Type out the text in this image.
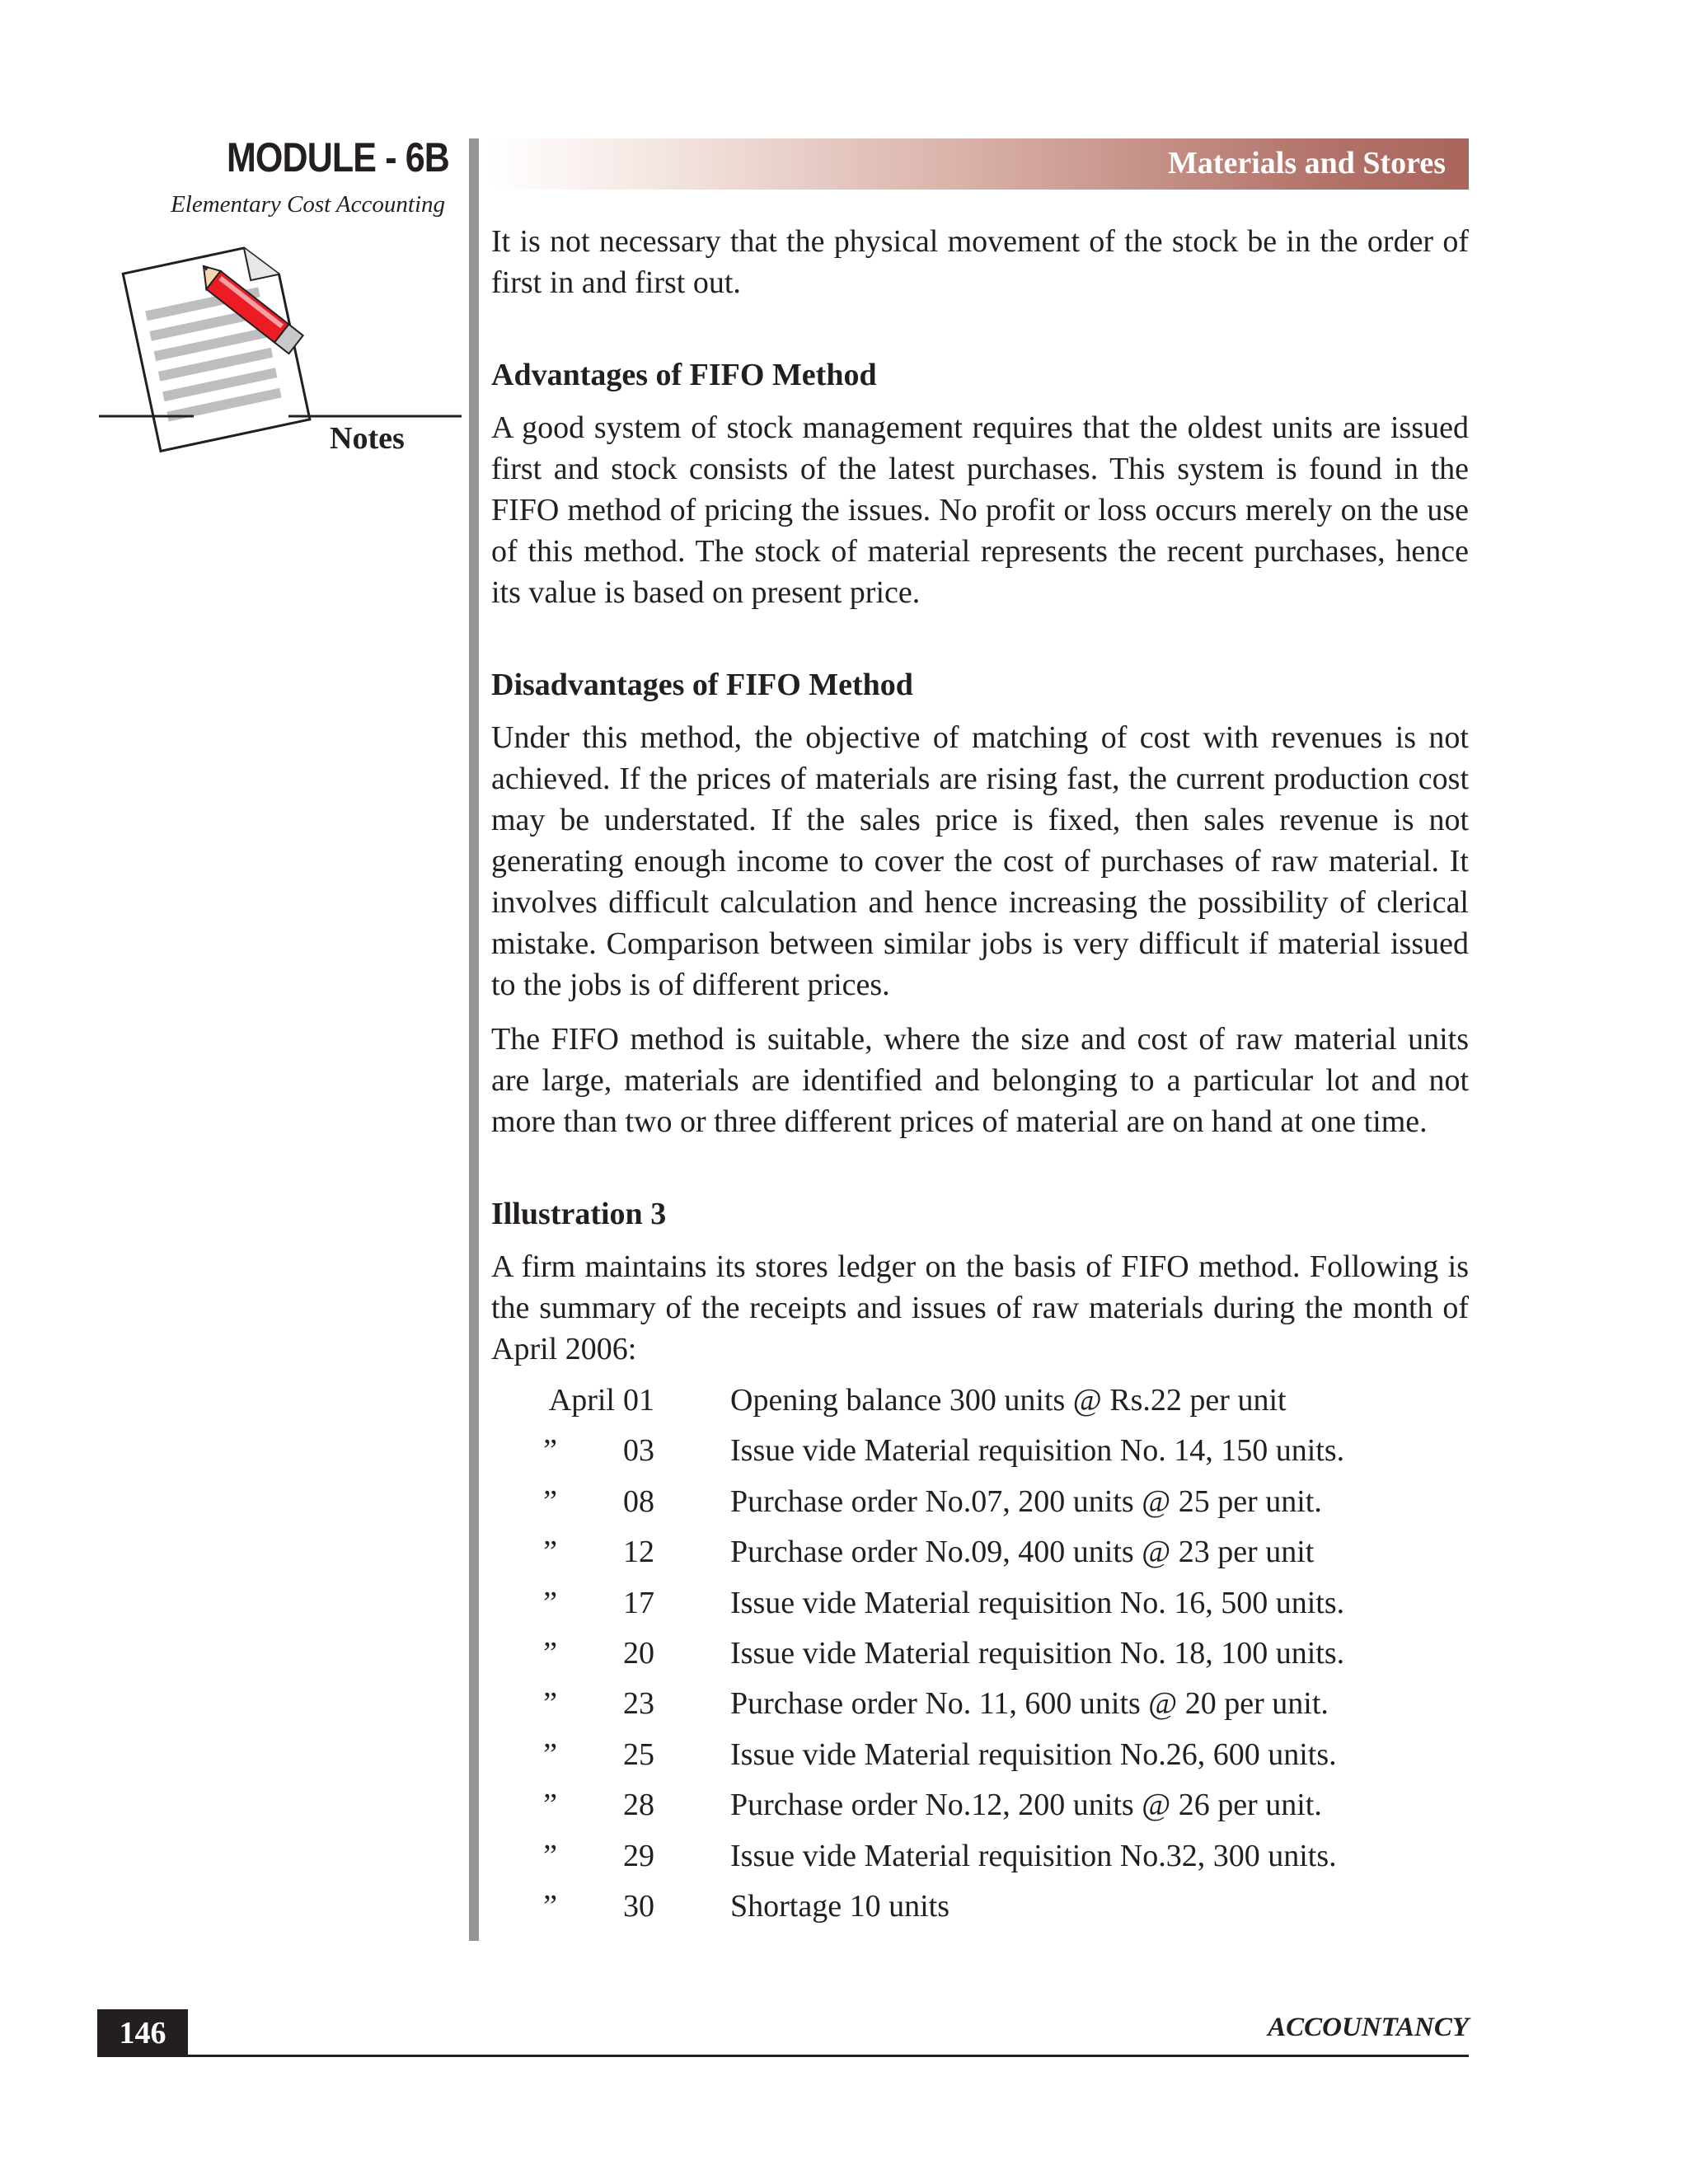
MODULE - 6B
Elementary Cost Accounting
Notes
Materials and Stores

It is not necessary that the physical movement of the stock be in the order of first in and first out.

Advantages of FIFO Method

A good system of stock management requires that the oldest units are issued first and stock consists of the latest purchases. This system is found in the FIFO method of pricing the issues. No profit or loss occurs merely on the use of this method. The stock of material represents the recent purchases, hence its value is based on present price.

Disadvantages of FIFO Method

Under this method, the objective of matching of cost with revenues is not achieved. If the prices of materials are rising fast, the current production cost may be understated. If the sales price is fixed, then sales revenue is not generating enough income to cover the cost of purchases of raw material. It involves difficult calculation and hence increasing the possibility of clerical mistake. Comparison between similar jobs is very difficult if material issued to the jobs is of different prices.

The FIFO method is suitable, where the size and cost of raw material units are large, materials are identified and belonging to a particular lot and not more than two or three different prices of material are on hand at one time.

Illustration 3

A firm maintains its stores ledger on the basis of FIFO method. Following is the summary of the receipts and issues of raw materials during the month of April 2006:

April 01 Opening balance 300 units @ Rs.22 per unit
”	03 Issue vide Material requisition No. 14, 150 units.
”	08 Purchase order No.07, 200 units @ 25 per unit.
”	12 Purchase order No.09, 400 units @ 23 per unit
”	17 Issue vide Material requisition No. 16, 500 units.
”	20 Issue vide Material requisition No. 18, 100 units.
”	23 Purchase order No. 11, 600 units @ 20 per unit.
”	25 Issue vide Material requisition No.26, 600 units.
”	28 Purchase order No.12, 200 units @ 26 per unit.
”	29 Issue vide Material requisition No.32, 300 units.
”	30 Shortage 10 units
146	ACCOUNTANCY
